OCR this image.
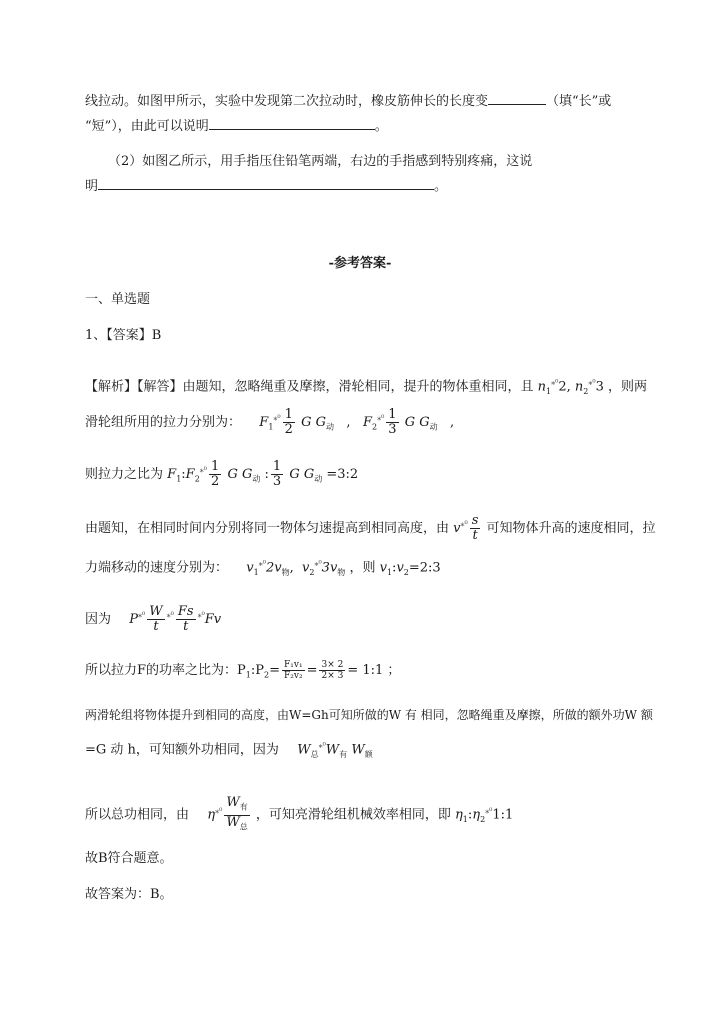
线拉动。如图甲所示，实验中发现第二次拉动时，橡皮筋伸长的长度变	（填“长”或
“短”），由此可以说明	。
（2）如图乙所示，用手指压住铅笔两端，右边的手指感到特别疼痛，这说
明	。
-参考答案-
一、单选题
1、【答案】B
【解析】【解答】由题知，忽略绳重及摩擦，滑轮相同，提升的物体重相同，且 $n_1^{⁎^0}2$, $n_2^{⁎^0}3$ ，则两
滑轮组所用的拉力分别为： $F_1^{⁎^0} \frac{1}{2}$ G $G_动$   ,   $F_2^{⁎^0} \frac{1}{3}$ G $G_动$   ,
则拉力之比为 $F_1:F_2^{⁎^0} \frac{1}{2}$ G $G_动$ : $\frac{1}{3}$ G $G_动$ =3:2
由题知，在相同时间内分别将同一物体匀速提高到相同高度，由 $v^{⁎^0} \frac{s}{t}$ 可知物体升高的速度相同，拉
力端移动的速度分别为： $v_1^{⁎^0}2v_物$,  $v_2^{⁎^0}3v_物$ ，则 $v_1:v_2=2:3$
因为 $P^{⁎^0} \frac{W}{t} ^{⁎^0} \frac{Fs}{t} ^{⁎^0}Fv$
所以拉力F的功率之比为：$P_1:P_2= \frac{\text{F₁v₁}}{\text{F₂v₂}} = \frac{3\times 2}{2\times 3}$ = 1:1 ；
两滑轮组将物体提升到相同的高度，由W=Gh可知所做的W 有 相同，忽略绳重及摩擦，所做的额外功W 额
=G 动 h，可知额外功相同，因为 $W_总^{⁎^0}W_有$ $W_额$
所以总功相同，由 $\eta^{⁎^0} \frac{W_有}{W_总}$ ，可知亮滑轮组机械效率相同，即 $\eta_1:\eta_2^{⁎^0}1:1$
故B符合题意。
故答案为：B。
